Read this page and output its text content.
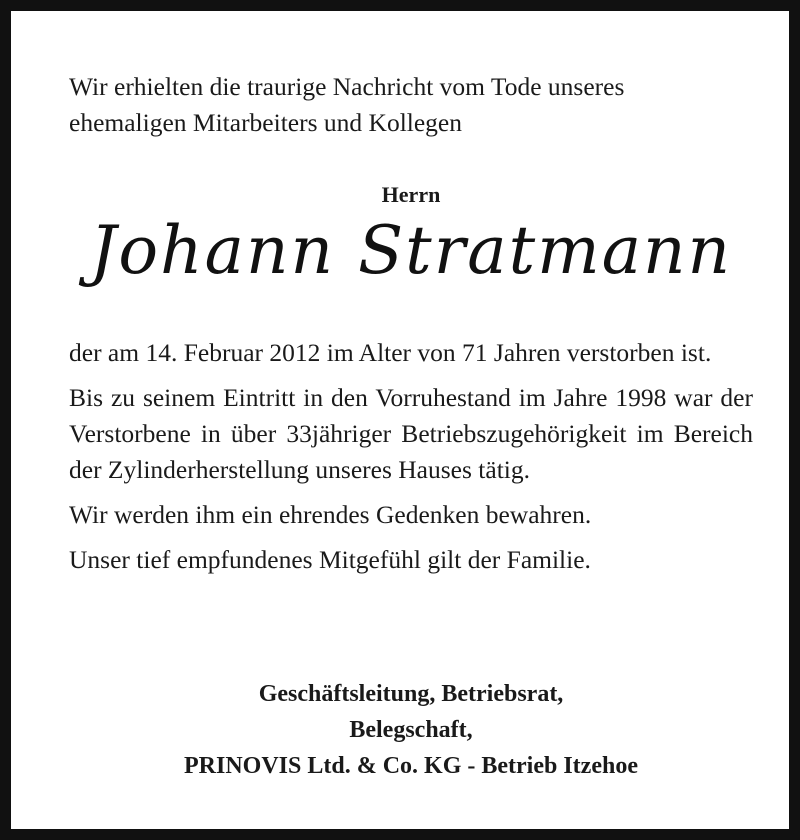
Wir erhielten die traurige Nachricht vom Tode unseres
ehemaligen Mitarbeiters und Kollegen
Herrn
Johann Stratmann

der am 14. Februar 2012 im Alter von 71 Jahren verstorben ist.

Bis zu seinem Eintritt in den Vorruhestand im Jahre 1998 war der Verstorbene in über 33jähriger Betriebszugehörigkeit im Bereich der Zylinderherstellung unseres Hauses tätig.

Wir werden ihm ein ehrendes Gedenken bewahren.

Unser tief empfundenes Mitgefühl gilt der Familie.

Geschäftsleitung, Betriebsrat,
Belegschaft,
PRINOVIS Ltd. & Co. KG - Betrieb Itzehoe
